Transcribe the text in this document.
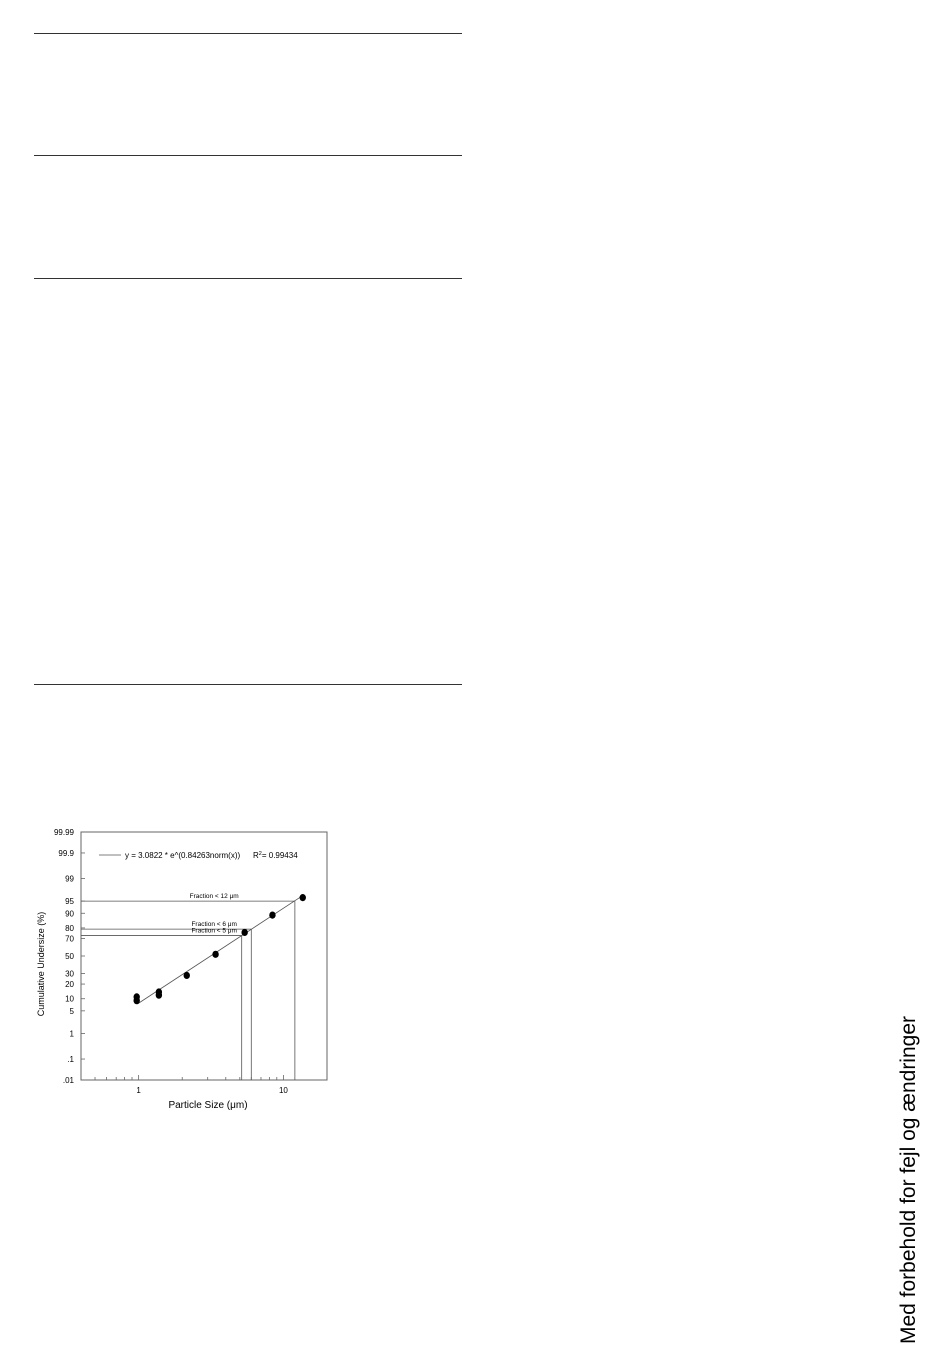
.01
.1
1
5
10
20
30
50
70
80
90
95
99
99.9
99.99
1	10
Particle Size (μm)
Cumulative Undersize (%)
Fraction < 12 μm
Fraction < 6 μm
Fraction < 5 μm
y = 3.0822 * e^(0.84263norm(x)) $R^2= 0.99434$
Med forbehold for fejl og ændringer
